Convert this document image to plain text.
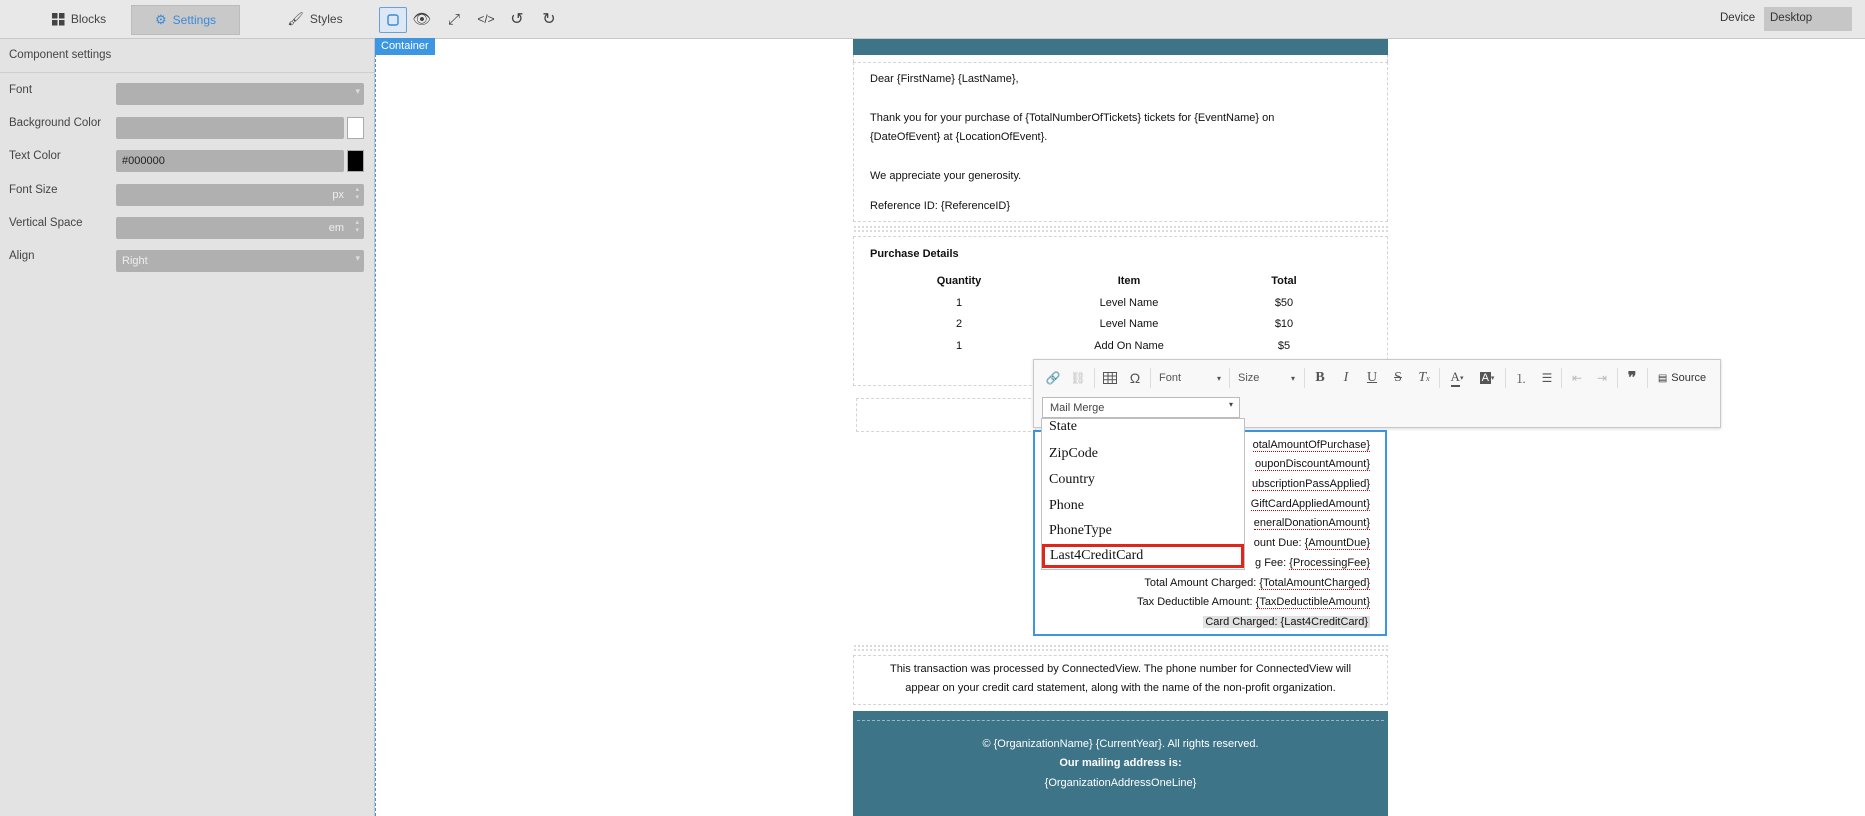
Blocks	⚙ Settings	🖌 Styles	👁 ⤢ </> ↺ ↻	Device	Desktop
Component settings
Font	▾
Background Color
Text Color	#000000
Font Size	px ▴
▾
Vertical Space	em ▴
▾
Align	Right	▾
Container
Dear {FirstName} {LastName},
Thank you for your purchase of {TotalNumberOfTickets} tickets for {EventName} on
{DateOfEvent} at {LocationOfEvent}.
We appreciate your generosity.
Reference ID: {ReferenceID}
Purchase Details
Quantity	Item	Total
1	Level Name	$50
2	Level Name	$10
1	Add On Name	$5
otalAmountOfPurchase}
ouponDiscountAmount}
ubscriptionPassApplied}
GiftCardAppliedAmount}
eneralDonationAmount}
ount Due: {AmountDue}
g Fee: {ProcessingFee}
Total Amount Charged: {TotalAmountCharged}
Tax Deductible Amount: {TaxDeductibleAmount}
Card Charged: {Last4CreditCard}
This transaction was processed by ConnectedView. The phone number for ConnectedView will
appear on your credit card statement, along with the name of the non-profit organization.
© {OrganizationName} {CurrentYear}. All rights reserved.
Our mailing address is:
{OrganizationAddressOneLine}
🔗 ⛓	Ω	Font	▾ Size	▾	B	I	U	S	T x A ▾ A ▾	⒈	☰	⇤	⇥	❞	▤ Source
Mail Merge	▾
State
ZipCode
Country
Phone
PhoneType
Last4CreditCard
